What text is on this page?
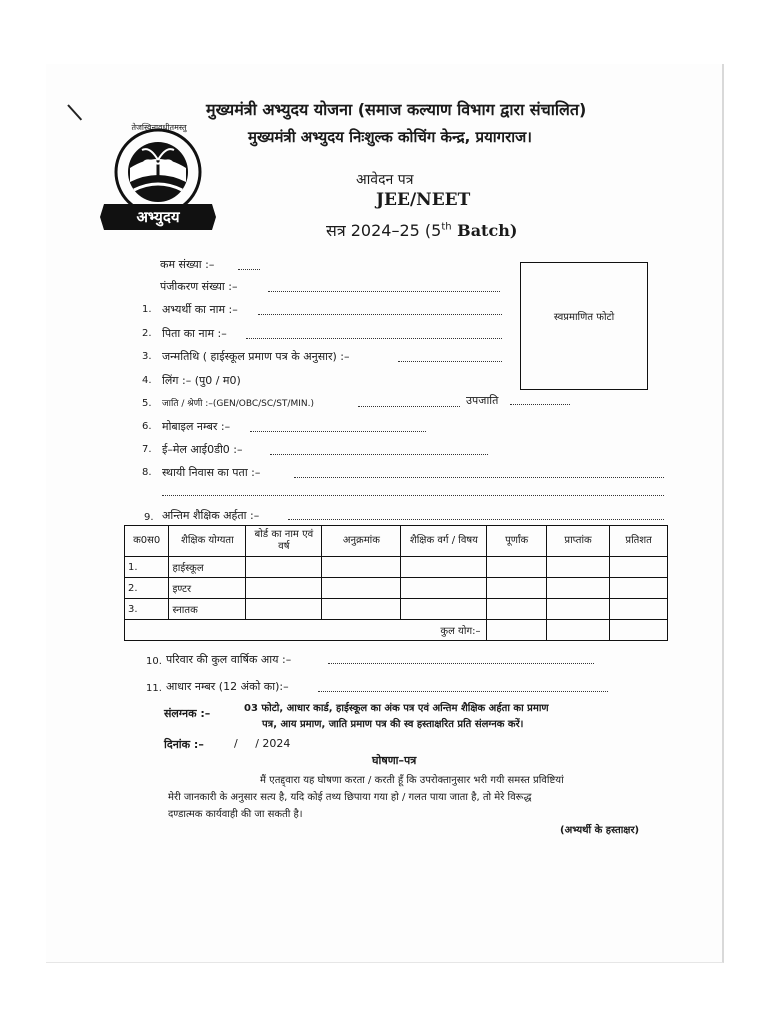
तेजस्विनावधीतमस्तु
अभ्युदय
मुख्यमंत्री अभ्युदय योजना (समाज कल्याण विभाग द्वारा संचालित)
मुख्यमंत्री अभ्युदय निःशुल्क कोचिंग केन्द्र, प्रयागराज।
आवेदन पत्र
JEE/NEET
सत्र 2024–25 (5th Batch)
स्वप्रमाणित फोटो
कम संख्या :–
पंजीकरण संख्या :–
1. अभ्यर्थी का नाम :–
2. पिता का नाम :–
3. जन्मतिथि ( हाईस्कूल प्रमाण पत्र के अनुसार) :–
4. लिंग :– (पु0 / म0)
5. जाति / श्रेणी :–(GEN/OBC/SC/ST/MIN.)	उपजाति
6. मोबाइल नम्बर :–
7. ई–मेल आई0डी0 :–
8. स्थायी निवास का पता :–
9. अन्तिम शैक्षिक अर्हता :–
क0स0	शैक्षिक योग्यता	बोर्ड का नाम एवं वर्ष	अनुक्रमांक	शैक्षिक वर्ग / विषय	पूर्णांक	प्राप्तांक	प्रतिशत
1.	हाईस्कूल						
2.	इण्टर						
3.	स्नातक						
कुल योग:–							
10. परिवार की कुल वार्षिक आय :–
11. आधार नम्बर (12 अंको का):–
संलग्नक :–	03 फोटो, आधार कार्ड, हाईस्कूल का अंक पत्र एवं अन्तिम शैक्षिक अर्हता का प्रमाण
पत्र, आय प्रमाण, जाति प्रमाण पत्र की स्व हस्ताक्षरित प्रति संलग्नक करें।
दिनांक :–	/     / 2024
घोषणा–पत्र
मैं एतद्द्वारा यह घोषणा करता / करती हूँ कि उपरोक्तानुसार भरी गयी समस्त प्रविष्टियां
मेरी जानकारी के अनुसार सत्य है, यदि कोई तथ्य छिपाया गया हो / गलत पाया जाता है, तो मेरे विरूद्ध
दण्डात्मक कार्यवाही की जा सकती है।
(अभ्यर्थी के हस्ताक्षर)
